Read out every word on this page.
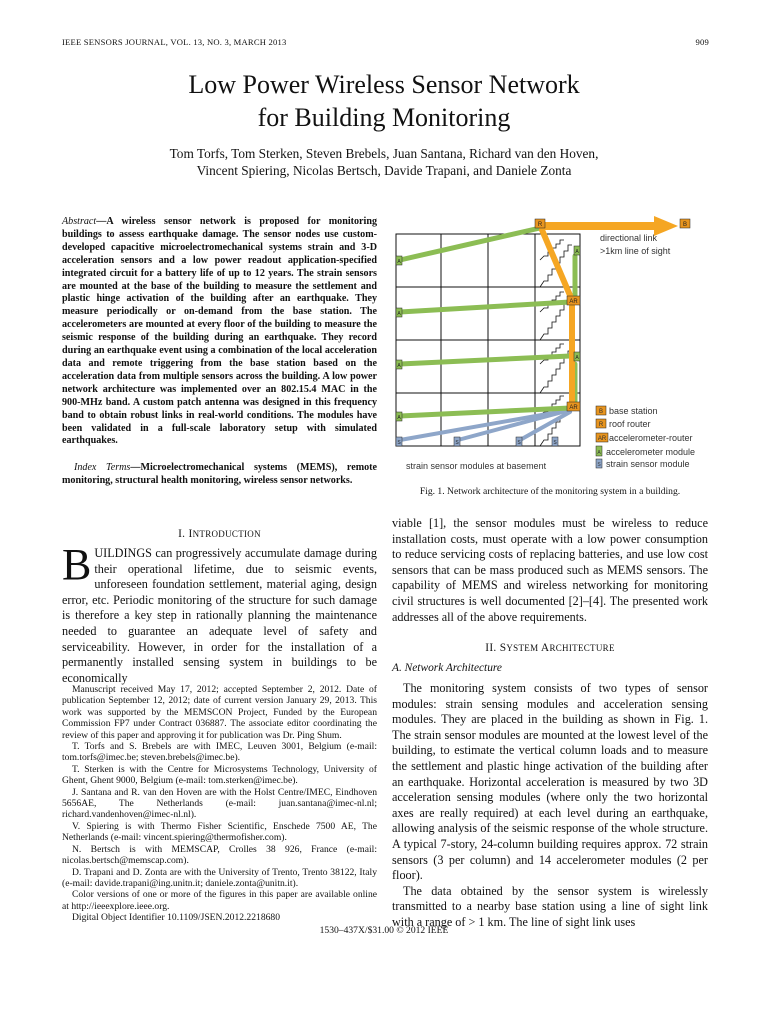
IEEE SENSORS JOURNAL, VOL. 13, NO. 3, MARCH 2013	909
Low Power Wireless Sensor Network
for Building Monitoring
Tom Torfs, Tom Sterken, Steven Brebels, Juan Santana, Richard van den Hoven,
Vincent Spiering, Nicolas Bertsch, Davide Trapani, and Daniele Zonta
Abstract—A wireless sensor network is proposed for monitoring buildings to assess earthquake damage. The sensor nodes use custom-developed capacitive microelectromechanical systems strain and 3-D acceleration sensors and a low power readout application-specified integrated circuit for a battery life of up to 12 years. The strain sensors are mounted at the base of the building to measure the settlement and plastic hinge activation of the building after an earthquake. They measure periodically or on-demand from the base station. The accelerometers are mounted at every floor of the building to measure the seismic response of the building during an earthquake. They record during an earthquake event using a combination of the local acceleration data and remote triggering from the base station based on the acceleration data from multiple sensors across the building. A low power network architecture was implemented over an 802.15.4 MAC in the 900-MHz band. A custom patch antenna was designed in this frequency band to obtain robust links in real-world conditions. The modules have been validated in a full-scale laboratory setup with simulated earthquakes.
Index Terms—Microelectromechanical systems (MEMS), remote monitoring, structural health monitoring, wireless sensor networks.
I. INTRODUCTION
BUILDINGS can progressively accumulate damage during their operational lifetime, due to seismic events, unforeseen foundation settlement, material aging, design error, etc. Periodic monitoring of the structure for such damage is therefore a key step in rationally planning the maintenance needed to guarantee an adequate level of safety and serviceability. However, in order for the installation of a permanently installed sensing system in buildings to be economically

Manuscript received May 17, 2012; accepted September 2, 2012. Date of publication September 12, 2012; date of current version January 29, 2013. This work was supported by the MEMSCON Project, Funded by the European Commission FP7 under Contract 036887. The associate editor coordinating the review of this paper and approving it for publication was Dr. Ping Shum.

T. Torfs and S. Brebels are with IMEC, Leuven 3001, Belgium (e-mail: tom.torfs@imec.be; steven.brebels@imec.be).

T. Sterken is with the Centre for Microsystems Technology, University of Ghent, Ghent 9000, Belgium (e-mail: tom.sterken@imec.be).

J. Santana and R. van den Hoven are with the Holst Centre/IMEC, Eindhoven 5656AE, The Netherlands (e-mail: juan.santana@imec-nl.nl; richard.vandenhoven@imec-nl.nl).

V. Spiering is with Thermo Fisher Scientific, Enschede 7500 AE, The Netherlands (e-mail: vincent.spiering@thermofisher.com).

N. Bertsch is with MEMSCAP, Crolles 38 926, France (e-mail: nicolas.bertsch@memscap.com).

D. Trapani and D. Zonta are with the University of Trento, Trento 38122, Italy (e-mail: davide.trapani@ing.unitn.it; daniele.zonta@unitn.it).

Color versions of one or more of the figures in this paper are available online at http://ieeexplore.ieee.org.

Digital Object Identifier 10.1109/JSEN.2012.2218680
1530–437X/$31.00 © 2012 IEEE
R	B
AR
AR
A
A
A
A
A
A
S	S	S	S
directional link
>1km line of sight
strain sensor modules at basement
B base station
R roof router
AR accelerometer-router
A accelerometer module
S strain sensor module
Fig. 1. Network architecture of the monitoring system in a building.
viable [1], the sensor modules must be wireless to reduce installation costs, must operate with a low power consumption to reduce servicing costs of replacing batteries, and use low cost sensors that can be mass produced such as MEMS sensors. The capability of MEMS and wireless networking for monitoring civil structures is well documented [2]–[4]. The presented work addresses all of the above requirements.
II. SYSTEM ARCHITECTURE
A. Network Architecture

The monitoring system consists of two types of sensor modules: strain sensing modules and acceleration sensing modules. They are placed in the building as shown in Fig. 1. The strain sensor modules are mounted at the lowest level of the building, to estimate the vertical column loads and to measure the settlement and plastic hinge activation of the building after an earthquake. Horizontal acceleration is measured by two 3D acceleration sensing modules (where only the two horizontal axes are really required) at each level during an earthquake, allowing analysis of the seismic response of the whole structure. A typical 7-story, 24-column building requires approx. 72 strain sensors (3 per column) and 14 accelerometer modules (2 per floor).

The data obtained by the sensor system is wirelessly transmitted to a nearby base station using a line of sight link with a range of > 1 km. The line of sight link uses
